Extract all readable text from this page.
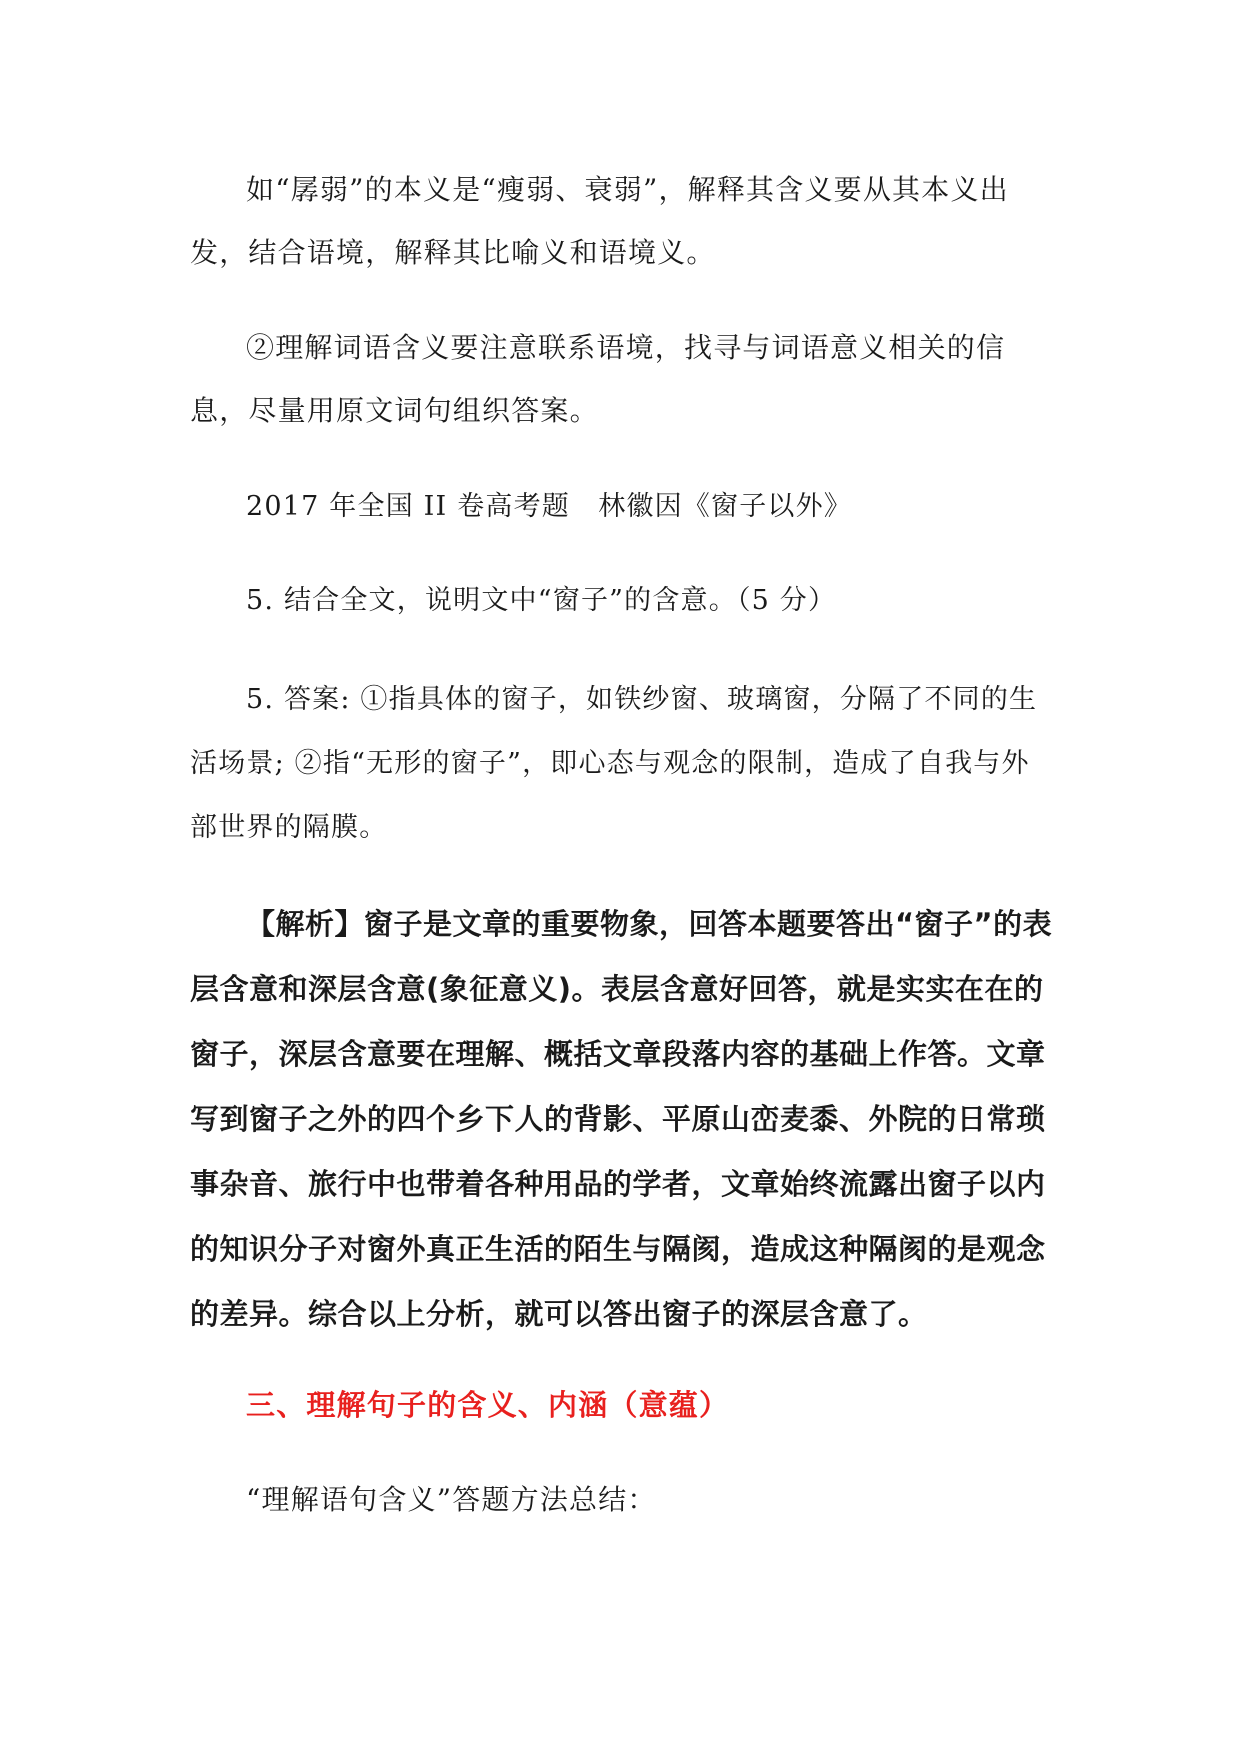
如“孱弱”的本义是“瘦弱、衰弱”，解释其含义要从其本义出发，结合语境，解释其比喻义和语境义。

②理解词语含义要注意联系语境，找寻与词语意义相关的信息，尽量用原文词句组织答案。

2017 年全国 II 卷高考题　林徽因《窗子以外》

5. 结合全文，说明文中“窗子”的含意。（5 分）

5. 答案: ①指具体的窗子，如铁纱窗、玻璃窗，分隔了不同的生活场景; ②指“无形的窗子”，即心态与观念的限制，造成了自我与外部世界的隔膜。

【解析】窗子是文章的重要物象，回答本题要答出“窗子”的表层含意和深层含意(象征意义)。表层含意好回答，就是实实在在的窗子，深层含意要在理解、概括文章段落内容的基础上作答。文章写到窗子之外的四个乡下人的背影、平原山峦麦黍、外院的日常琐事杂音、旅行中也带着各种用品的学者，文章始终流露出窗子以内的知识分子对窗外真正生活的陌生与隔阂，造成这种隔阂的是观念的差异。综合以上分析，就可以答出窗子的深层含意了。

三、理解句子的含义、内涵（意蕴）

“理解语句含义”答题方法总结：
